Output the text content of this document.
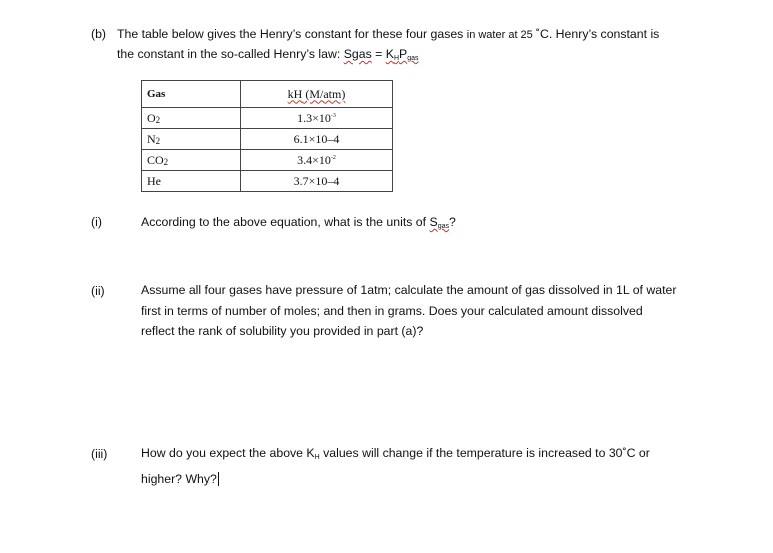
(b) The table below gives the Henry’s constant for these four gases in water at 25 ˚C. Henry’s constant is
the constant in the so-called Henry’s law: Sgas = $K_HP_{gas}$
Gas	kH (M/atm)
$O_2$	$1.3\times 10^{-3}$
$N_2$	6.1×10–4
$CO_2$	$3.4\times 10^{-2}$
He	3.7×10–4
(i)	According to the above equation, what is the units of $S_{gas}$?
(ii)	Assume all four gases have pressure of 1atm; calculate the amount of gas dissolved in 1L of water
first in terms of number of moles; and then in grams. Does your calculated amount dissolved
reflect the rank of solubility you provided in part (a)?
(iii)	How do you expect the above $K_H$ values will change if the temperature is increased to 30˚C or
higher? Why?
